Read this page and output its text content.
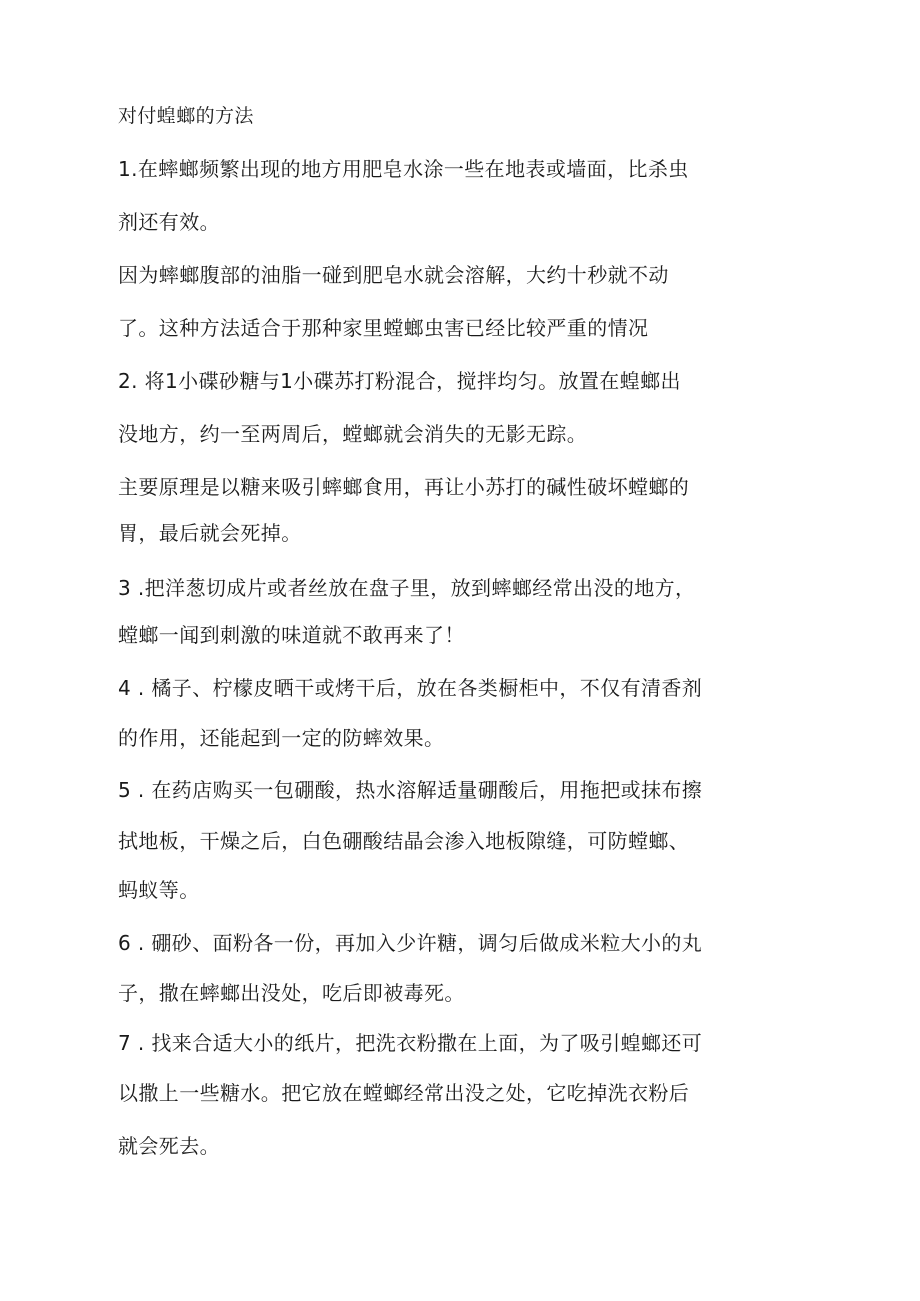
对付蝗螂的方法

1.在蟀螂频繁出现的地方用肥皂水涂一些在地表或墙面，比杀虫

剂还有效。

因为蟀螂腹部的油脂一碰到肥皂水就会溶解，大约十秒就不动

了。这种方法适合于那种家里螳螂虫害已经比较严重的情况

2. 将1小碟砂糖与1小碟苏打粉混合，搅拌均匀。放置在蝗螂出

没地方，约一至两周后，螳螂就会消失的无影无踪。

主要原理是以糖来吸引蟀螂食用，再让小苏打的碱性破坏螳螂的

胃，最后就会死掉。

3 .把洋葱切成片或者丝放在盘子里，放到蟀螂经常出没的地方，

螳螂一闻到刺激的味道就不敢再来了！

4 . 橘子、柠檬皮晒干或烤干后，放在各类橱柜中，不仅有清香剂

的作用，还能起到一定的防蟀效果。

5 . 在药店购买一包硼酸，热水溶解适量硼酸后，用拖把或抹布擦

拭地板，干燥之后，白色硼酸结晶会渗入地板隙缝，可防螳螂、

蚂蚁等。

6 . 硼砂、面粉各一份，再加入少许糖，调匀后做成米粒大小的丸

子，撒在蟀螂出没处，吃后即被毒死。

7 . 找来合适大小的纸片，把洗衣粉撒在上面，为了吸引蝗螂还可

以撒上一些糖水。把它放在螳螂经常出没之处，它吃掉洗衣粉后

就会死去。
